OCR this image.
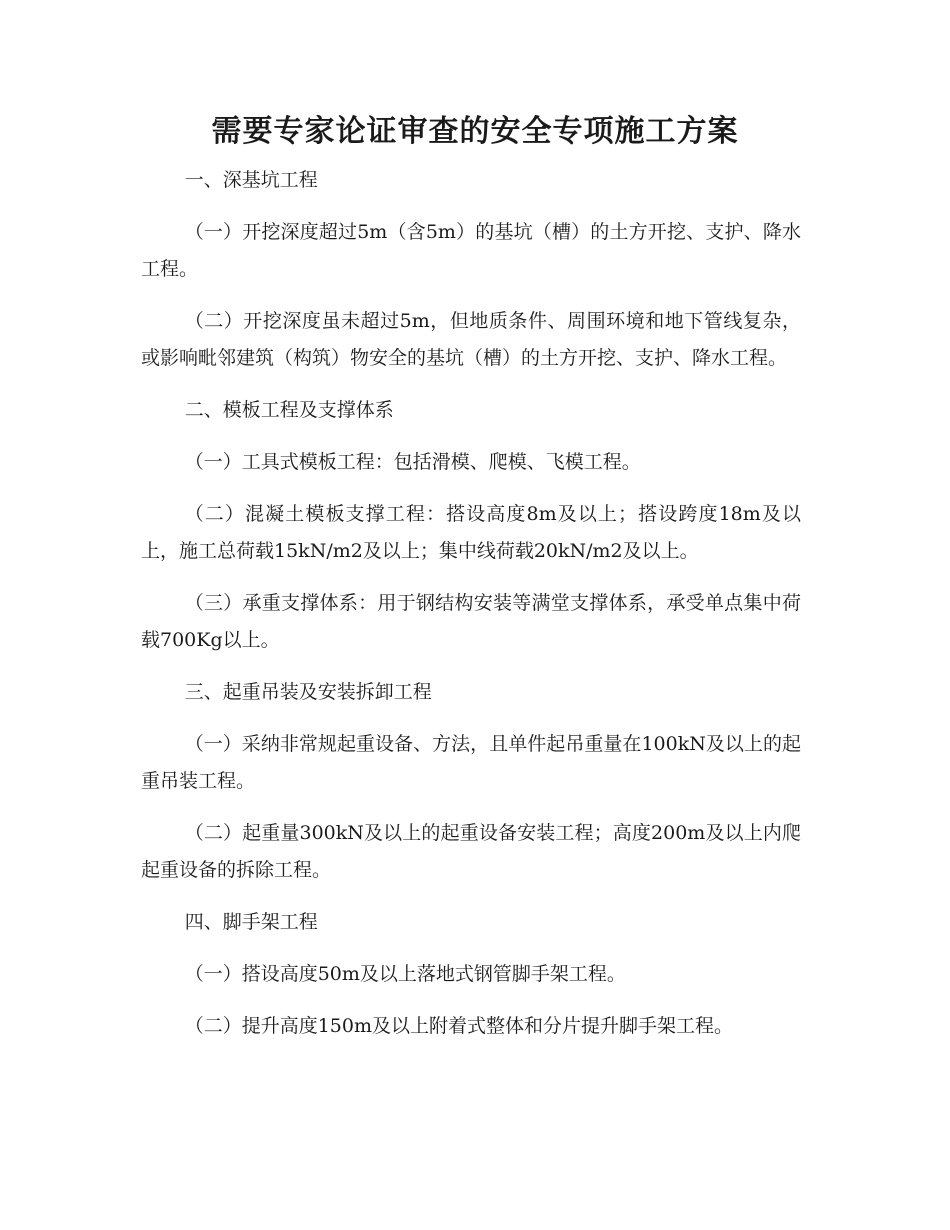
需要专家论证审查的安全专项施工方案

一、深基坑工程

（一）开挖深度超过5m（含5m）的基坑（槽）的土方开挖、支护、降水工程。

（二）开挖深度虽未超过5m，但地质条件、周围环境和地下管线复杂，或影响毗邻建筑（构筑）物安全的基坑（槽）的土方开挖、支护、降水工程。

二、模板工程及支撑体系

（一）工具式模板工程：包括滑模、爬模、飞模工程。

（二）混凝土模板支撑工程：搭设高度8m及以上；搭设跨度18m及以上，施工总荷载15kN/m2及以上；集中线荷载20kN/m2及以上。

（三）承重支撑体系：用于钢结构安装等满堂支撑体系，承受单点集中荷载700Kg以上。

三、起重吊装及安装拆卸工程

（一）采纳非常规起重设备、方法，且单件起吊重量在100kN及以上的起重吊装工程。

（二）起重量300kN及以上的起重设备安装工程；高度200m及以上内爬起重设备的拆除工程。

四、脚手架工程

（一）搭设高度50m及以上落地式钢管脚手架工程。

（二）提升高度150m及以上附着式整体和分片提升脚手架工程。
